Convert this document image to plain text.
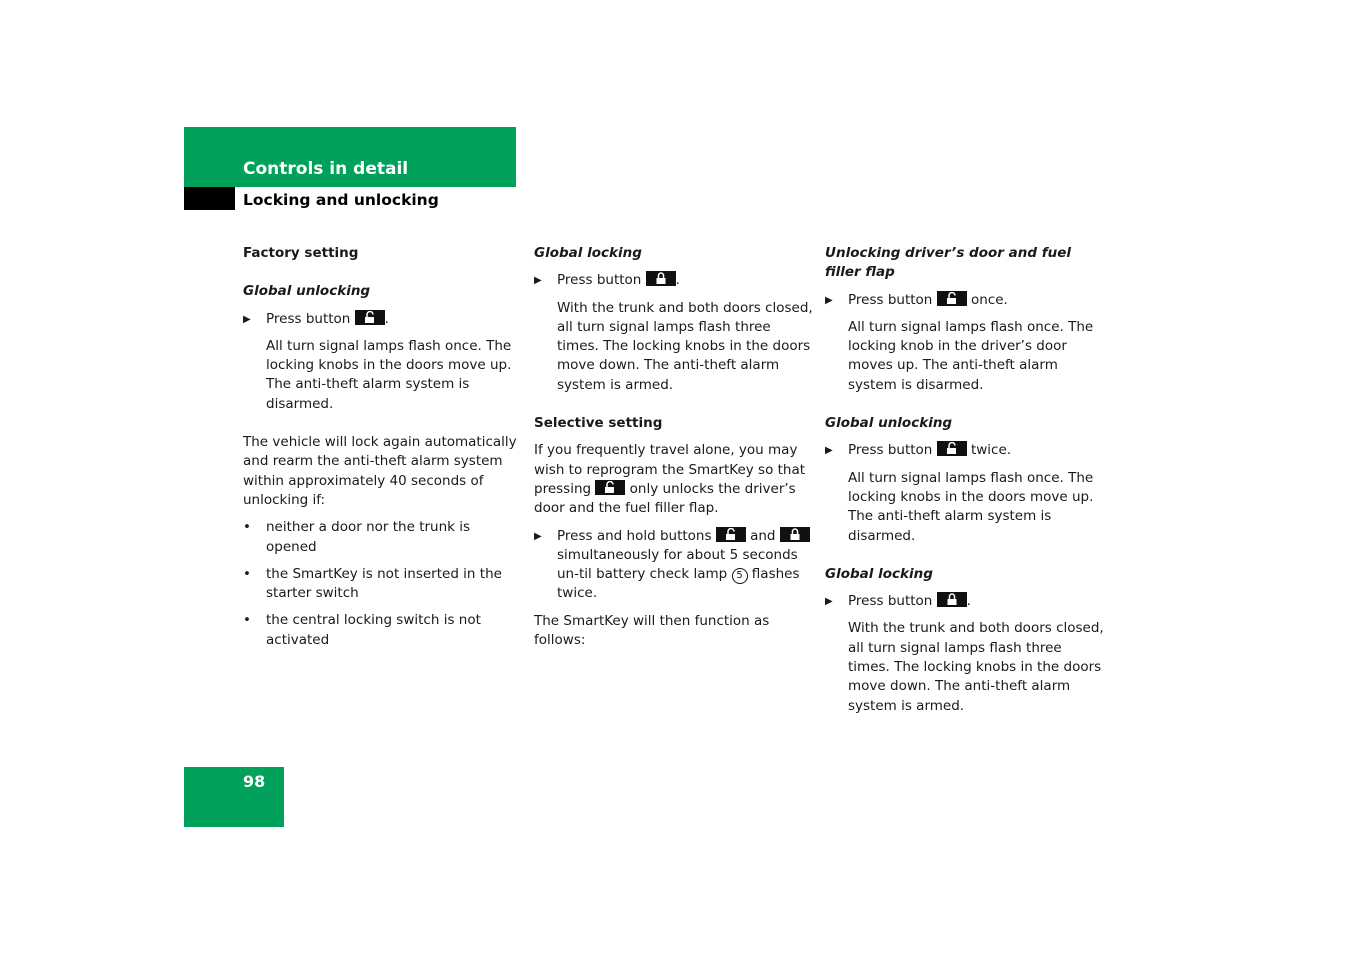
Controls in detail
Locking and unlocking
Factory setting
Global unlocking
▶ Press button	.
All turn signal lamps flash once. The locking knobs in the doors move up. The anti-theft alarm system is disarmed.
The vehicle will lock again automatically and rearm the anti-theft alarm system within approximately 40 seconds of unlocking if:
• neither a door nor the trunk is opened
• the SmartKey is not inserted in the starter switch
• the central locking switch is not activated
Global locking
▶ Press button	.
With the trunk and both doors closed, all turn signal lamps flash three times. The locking knobs in the doors move down. The anti-theft alarm system is armed.
Selective setting
If you frequently travel alone, you may wish to reprogram the SmartKey so that pressing	only unlocks the driver’s door and the fuel filler flap.
▶ Press and hold buttons	and
simultaneously for about 5 seconds un-til battery check lamp 5 flashes twice.
The SmartKey will then function as follows:
Unlocking driver’s door and fuel filler flap
▶ Press button	once.
All turn signal lamps flash once. The locking knob in the driver’s door moves up. The anti-theft alarm system is disarmed.
Global unlocking
▶ Press button	twice.
All turn signal lamps flash once. The locking knobs in the doors move up. The anti-theft alarm system is disarmed.
Global locking
▶ Press button	.
With the trunk and both doors closed, all turn signal lamps flash three times. The locking knobs in the doors move down. The anti-theft alarm system is armed.
98
